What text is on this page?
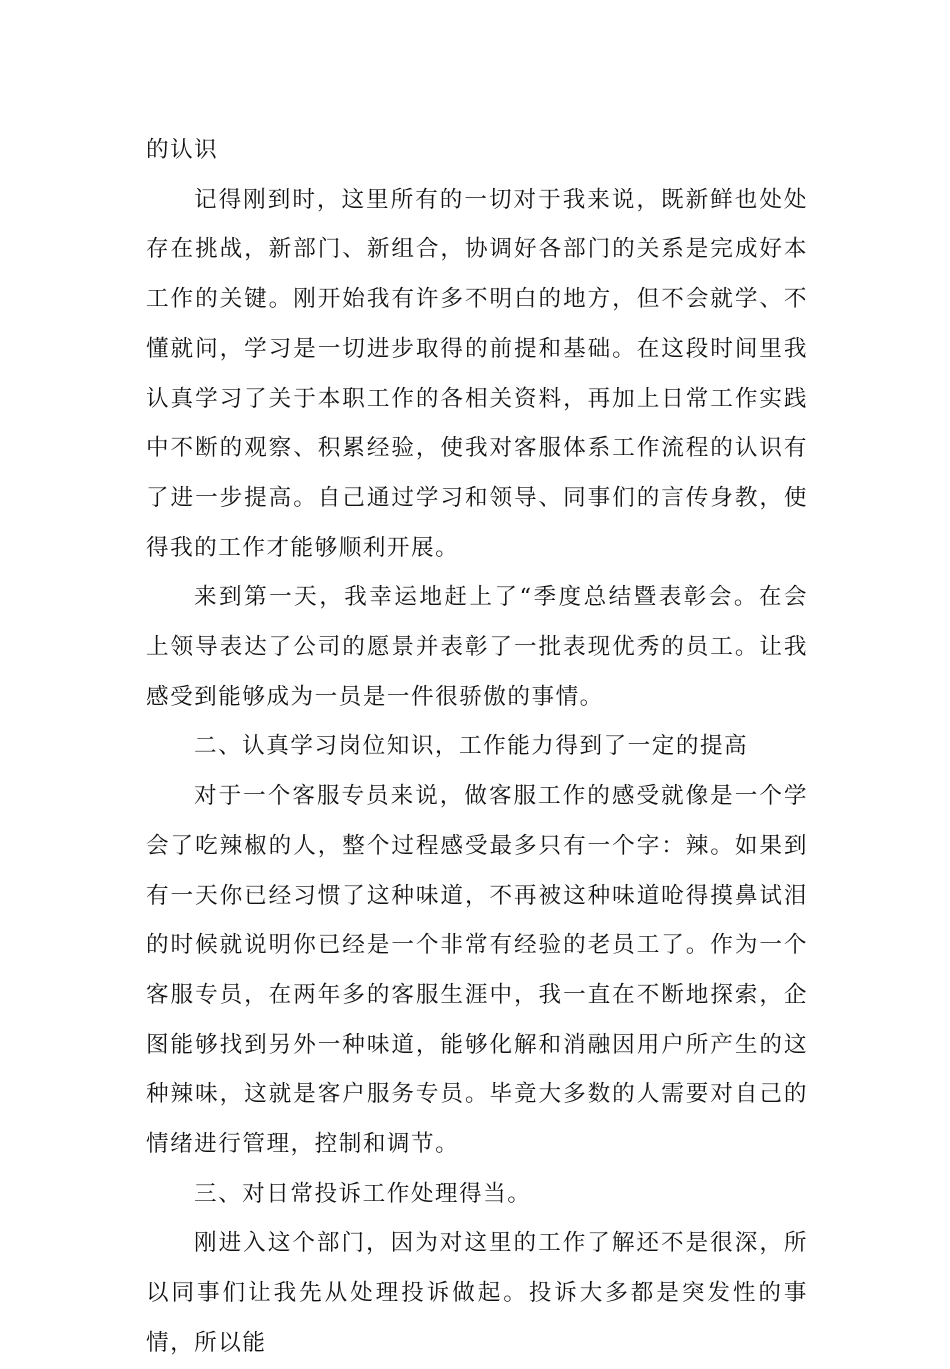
的认识

记得刚到时，这里所有的一切对于我来说，既新鲜也处处存在挑战，新部门、新组合，协调好各部门的关系是完成好本工作的关键。刚开始我有许多不明白的地方，但不会就学、不懂就问，学习是一切进步取得的前提和基础。在这段时间里我认真学习了关于本职工作的各相关资料，再加上日常工作实践中不断的观察、积累经验，使我对客服体系工作流程的认识有了进一步提高。自己通过学习和领导、同事们的言传身教，使得我的工作才能够顺利开展。

来到第一天，我幸运地赶上了“季度总结暨表彰会。在会上领导表达了公司的愿景并表彰了一批表现优秀的员工。让我感受到能够成为一员是一件很骄傲的事情。

二、认真学习岗位知识，工作能力得到了一定的提高

对于一个客服专员来说，做客服工作的感受就像是一个学会了吃辣椒的人，整个过程感受最多只有一个字：辣。如果到有一天你已经习惯了这种味道，不再被这种味道呛得摸鼻试泪的时候就说明你已经是一个非常有经验的老员工了。作为一个客服专员，在两年多的客服生涯中，我一直在不断地探索，企图能够找到另外一种味道，能够化解和消融因用户所产生的这种辣味，这就是客户服务专员。毕竟大多数的人需要对自己的情绪进行管理，控制和调节。

三、对日常投诉工作处理得当。

刚进入这个部门，因为对这里的工作了解还不是很深，所以同事们让我先从处理投诉做起。投诉大多都是突发性的事情，所以能
